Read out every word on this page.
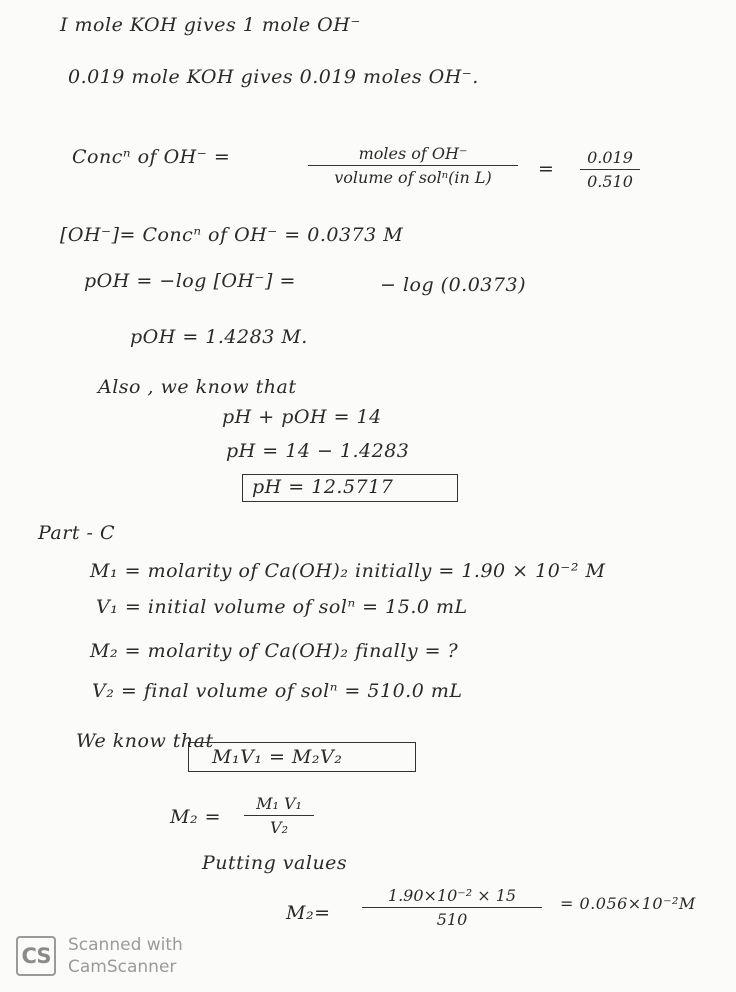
I mole KOH gives 1 mole OH⁻
0.019 mole KOH gives 0.019 moles OH⁻.
Concⁿ of OH⁻ =	moles of OH⁻
volume of solⁿ(in L)	=
0.019
0.510
[OH⁻]= Concⁿ of OH⁻ = 0.0373 M
pOH = −log [OH⁻] =	− log (0.0373)
pOH = 1.4283 M.
Also , we know that
pH + pOH = 14
pH = 14 − 1.4283
pH = 12.5717
Part - C
M₁ = molarity of Ca(OH)₂ initially = 1.90 × 10⁻² M
V₁ = initial volume of solⁿ = 15.0 mL
M₂ = molarity of Ca(OH)₂ finally = ?
V₂ = final volume of solⁿ = 510.0 mL
We know that
M₁V₁ = M₂V₂
M₂ =
M₁ V₁
V₂
Putting values
M₂=
1.90×10⁻² × 15
510
= 0.056×10⁻²M
CS	Scanned with
CamScanner
